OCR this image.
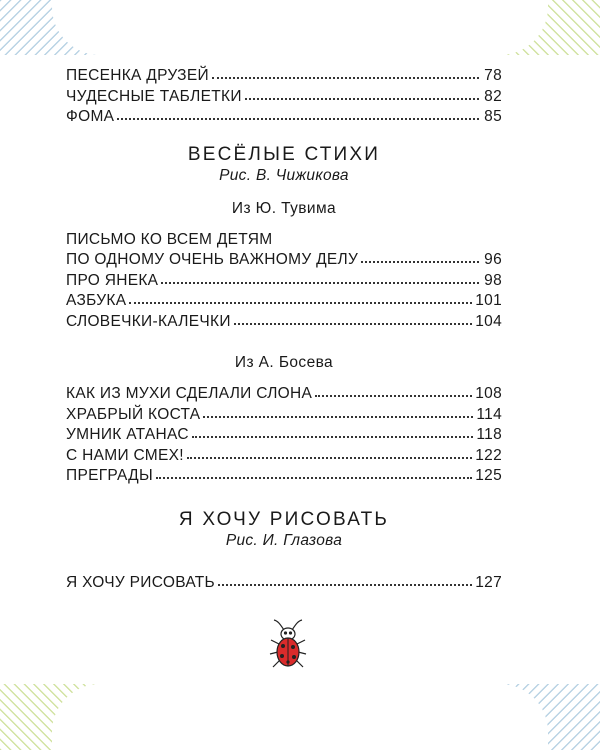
ПЕСЕНКА ДРУЗЕЙ	78
ЧУДЕСНЫЕ ТАБЛЕТКИ	82
ФОМА	85
ВЕСЁЛЫЕ СТИХИ
Рис. В. Чижикова
Из Ю. Тувима
ПИСЬМО КО ВСЕМ ДЕТЯМ
ПО ОДНОМУ ОЧЕНЬ ВАЖНОМУ ДЕЛУ	96
ПРО ЯНЕКА	98
АЗБУКА	101
СЛОВЕЧКИ-КАЛЕЧКИ	104
Из А. Босева
КАК ИЗ МУХИ СДЕЛАЛИ СЛОНА	108
ХРАБРЫЙ КОСТА	114
УМНИК АТАНАС	118
С НАМИ СМЕХ!	122
ПРЕГРАДЫ	125
Я ХОЧУ РИСОВАТЬ
Рис. И. Глазова
Я ХОЧУ РИСОВАТЬ	127
